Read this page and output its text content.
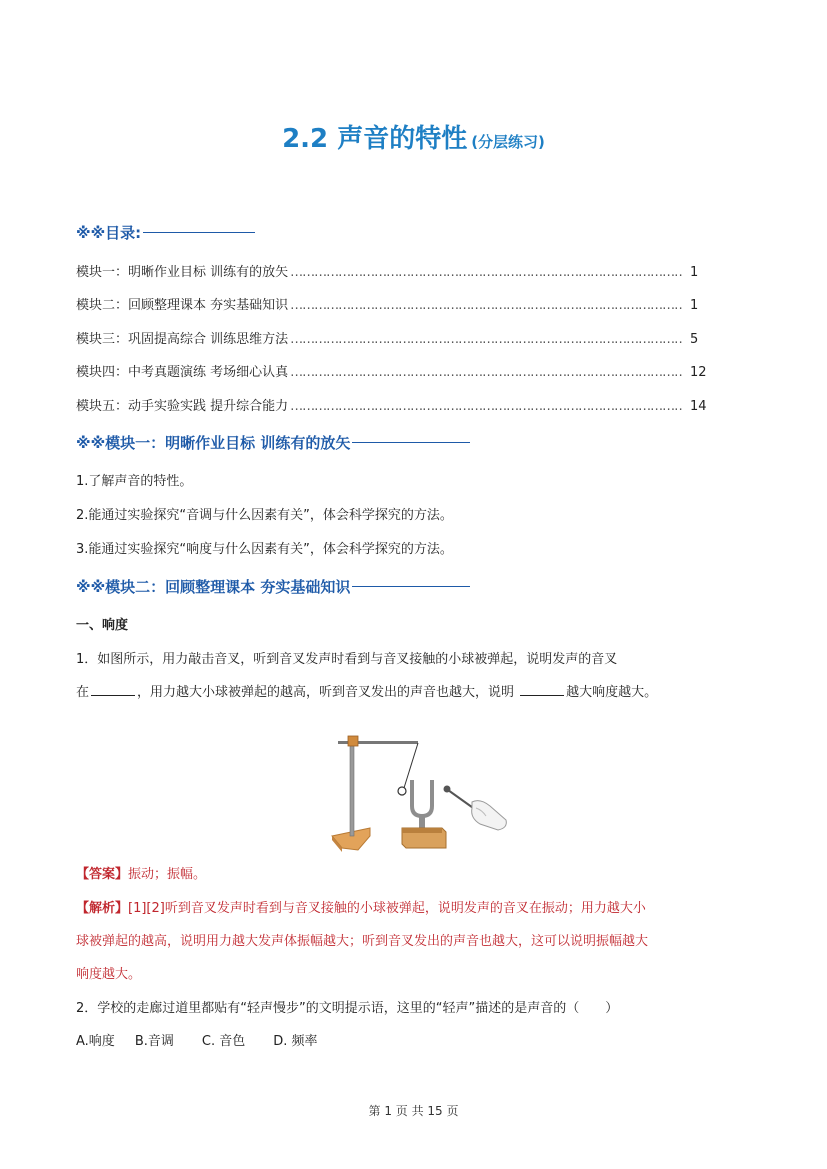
2.2 声音的特性 (分层练习)
※※目录:
模块一：明晰作业目标 训练有的放矢 ………………………………………………………………………………………………………………………………………………	1
模块二：回顾整理课本 夯实基础知识 ………………………………………………………………………………………………………………………………………………	1
模块三：巩固提高综合 训练思维方法 ………………………………………………………………………………………………………………………………………………	5
模块四：中考真题演练 考场细心认真 ………………………………………………………………………………………………………………………………………………	12
模块五：动手实验实践 提升综合能力 ………………………………………………………………………………………………………………………………………………	14
※※模块一：明晰作业目标 训练有的放矢
1.了解声音的特性。
2.能通过实验探究“音调与什么因素有关”，体会科学探究的方法。
3.能通过实验探究“响度与什么因素有关”，体会科学探究的方法。
※※模块二：回顾整理课本 夯实基础知识
一、响度
1．如图所示，用力敲击音叉，听到音叉发声时看到与音叉接触的小球被弹起，说明发声的音叉
在	，用力越大小球被弹起的越高，听到音叉发出的声音也越大，说明	越大响度越大。
【答案】振动；振幅。
【解析】[1][2]听到音叉发声时看到与音叉接触的小球被弹起，说明发声的音叉在振动；用力越大小
球被弹起的越高，说明用力越大发声体振幅越大；听到音叉发出的声音也越大，这可以说明振幅越大
响度越大。
2．学校的走廊过道里都贴有“轻声慢步”的文明提示语，这里的“轻声”描述的是声音的（　　）
A.响度 B.音调 C. 音色 D. 频率
第 1 页 共 15 页
